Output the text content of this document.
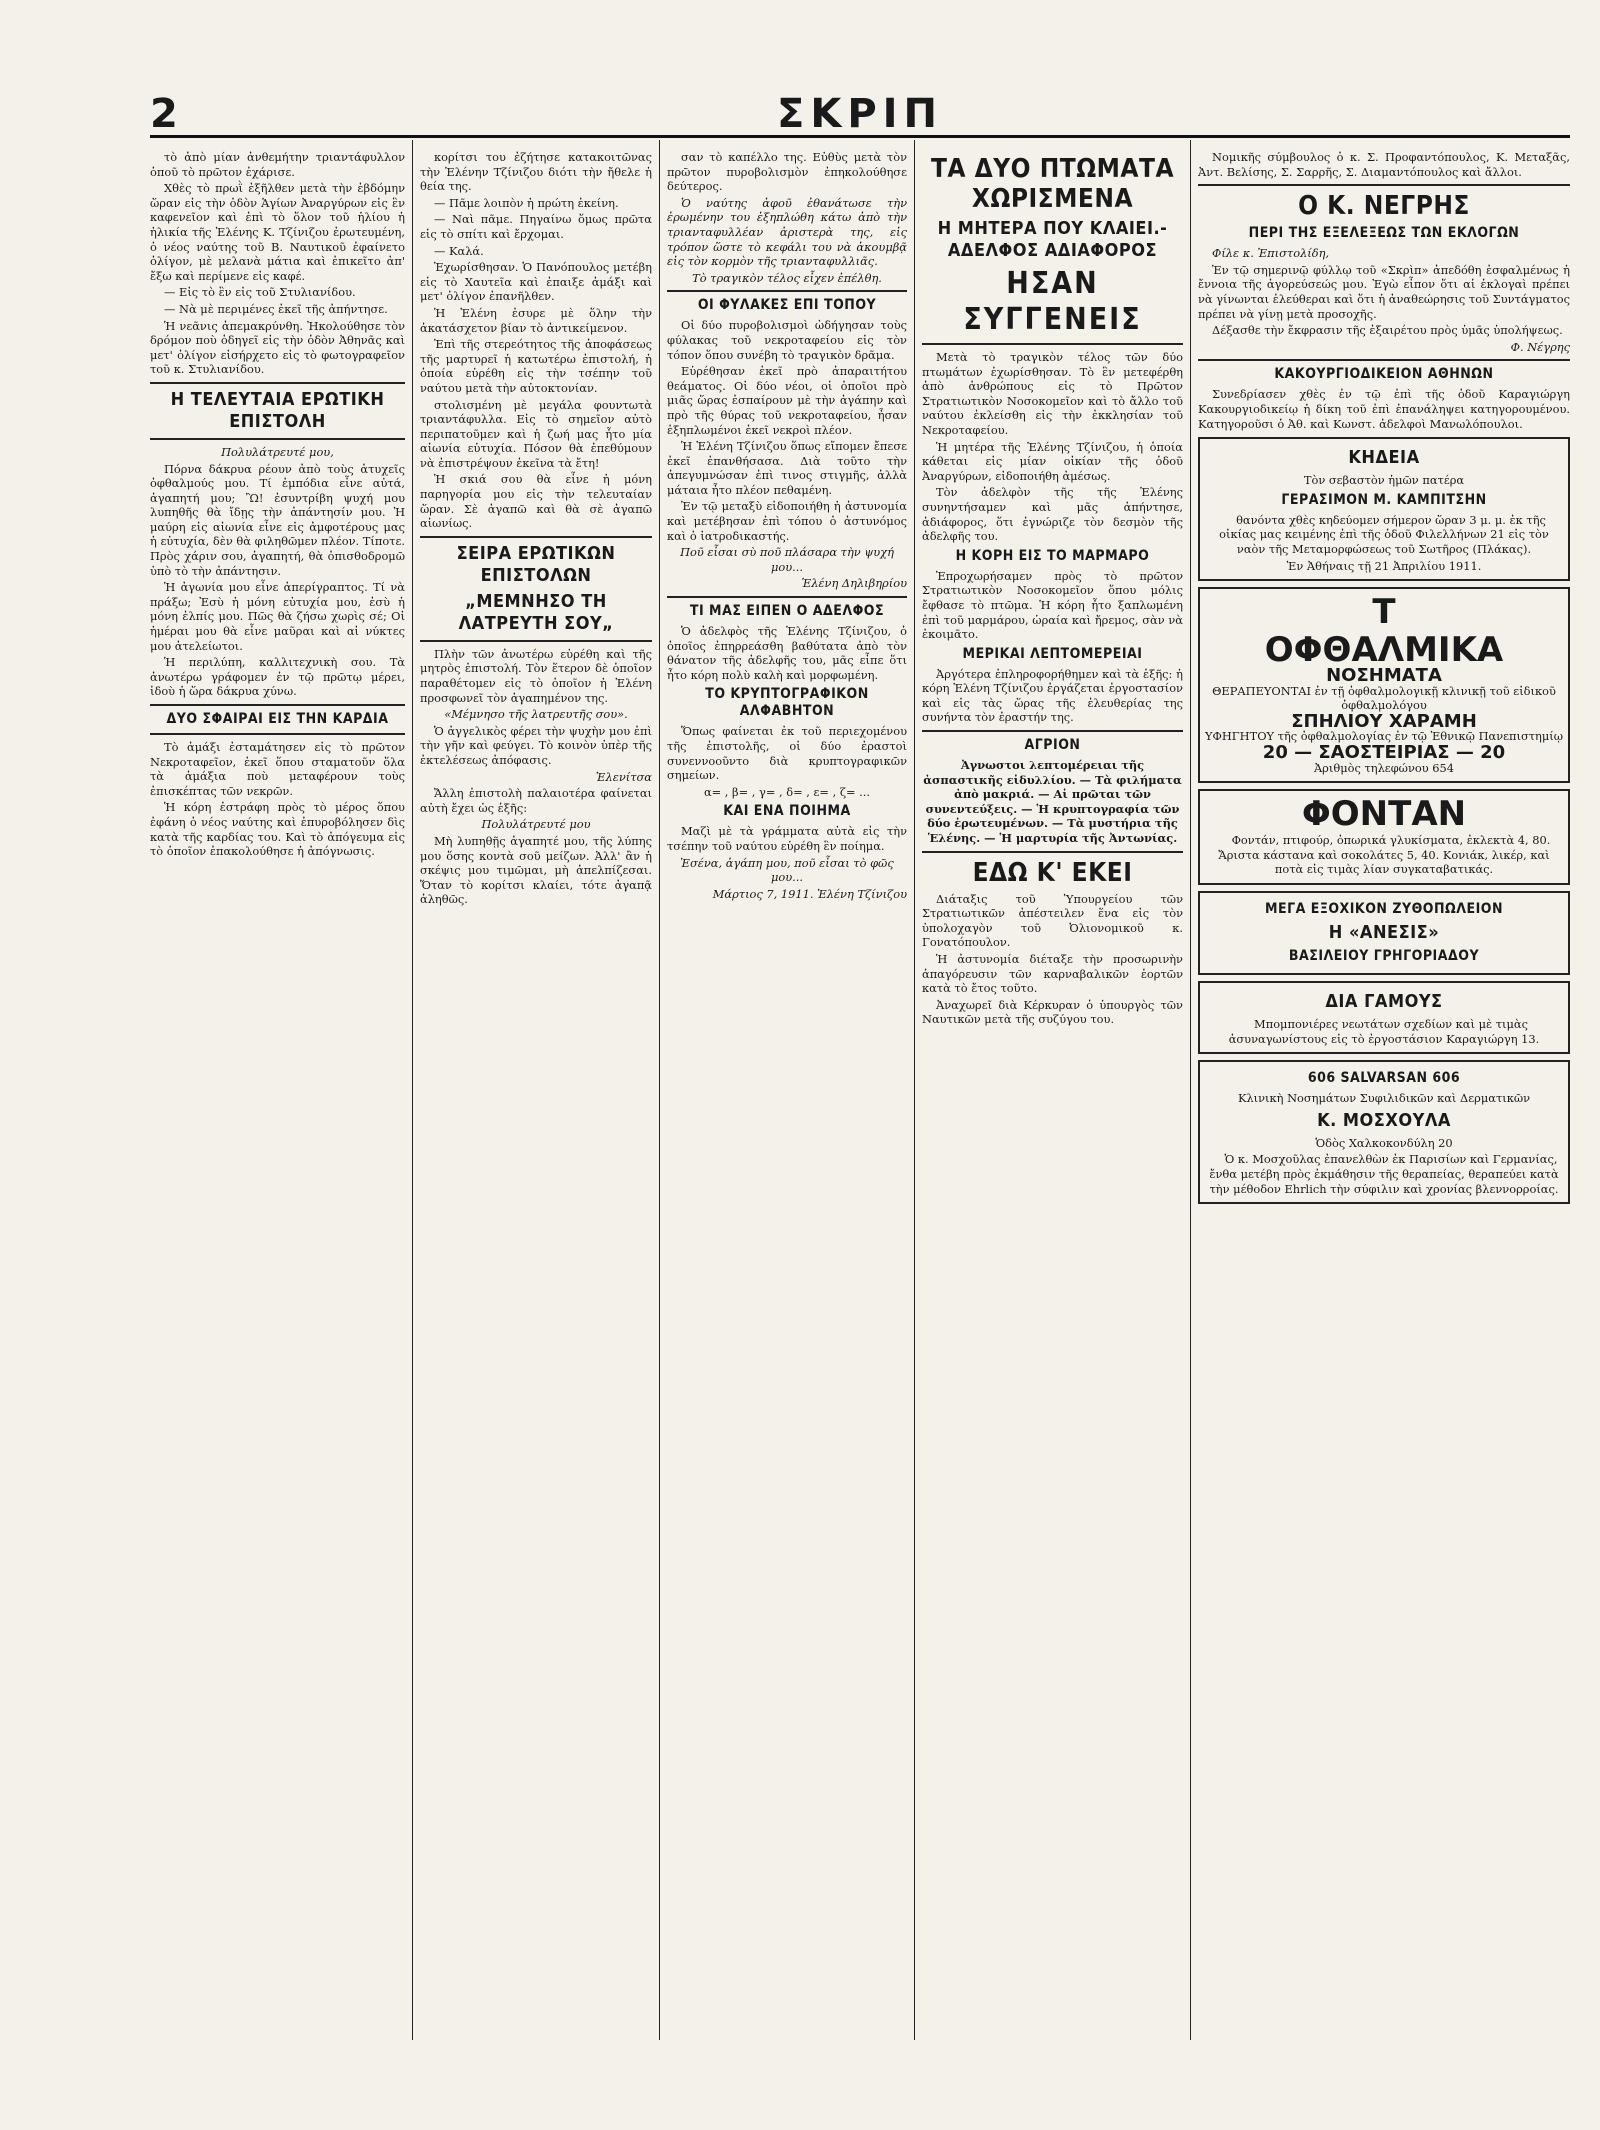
2	ΣΚΡΙΠ

τὸ ἀπὸ μίαν ἀνθεμήτην τριαντάφυλλον ὁποῦ τὸ πρῶτον ἐχάρισε.

Χθὲς τὸ πρωῒ ἐξῆλθεν μετὰ τὴν ἑβδόμην ὥραν εἰς τὴν ὁδὸν Ἁγίων Ἀναργύρων εἰς ἓν καφενεῖον καὶ ἐπὶ τὸ ὅλον τοῦ ἡλίου ἡ ἡλικία τῆς Ἑλένης Κ. Τζίνιζου ἐρωτευμένη, ὁ νέος ναύτης τοῦ Β. Ναυτικοῦ ἐφαίνετο ὀλίγον, μὲ μελανὰ μάτια καὶ ἐπικεῖτο ἀπ' ἔξω καὶ περίμενε εἰς καφέ.

— Εἰς τὸ ἓν εἰς τοῦ Στυλιανίδου.

— Νὰ μὲ περιμένες ἐκεῖ τῆς ἀπήντησε.

Ἡ νεᾶνις ἀπεμακρύνθη. Ἠκολούθησε τὸν δρόμον ποὺ ὁδηγεῖ εἰς τὴν ὁδὸν Ἀθηνᾶς καὶ μετ' ὀλίγον εἰσήρχετο εἰς τὸ φωτογραφεῖον τοῦ κ. Στυλιανίδου.

Η ΤΕΛΕΥΤΑΙΑ ΕΡΩΤΙΚΗ ΕΠΙΣΤΟΛΗ

Πολυλάτρευτέ μου,

Πόρνα δάκρυα ρέουν ἀπὸ τοὺς ἀτυχεῖς ὀφθαλμούς μου. Τί ἐμπόδια εἶνε αὐτά, ἀγαπητή μου; Ὢ! ἐσυντρίβη ψυχή μου λυπηθῆς θὰ ἴδῃς τὴν ἀπάντησίν μου. Ἡ μαύρη εἰς αἰωνία εἶνε εἰς ἀμφοτέρους μας ἡ εὐτυχία, δὲν θὰ φιληθῶμεν πλέον. Τίποτε. Πρὸς χάριν σου, ἀγαπητή, θὰ ὀπισθοδρομῶ ὑπὸ τὸ τὴν ἀπάντησιν.

Ἡ ἀγωνία μου εἶνε ἀπερίγραπτος. Τί νὰ πράξω; Ἐσὺ ἡ μόνη εὐτυχία μου, ἐσὺ ἡ μόνη ἐλπίς μου. Πῶς θὰ ζήσω χωρὶς σέ; Οἱ ἡμέραι μου θὰ εἶνε μαῦραι καὶ αἱ νύκτες μου ἀτελείωτοι.

Ἡ περιλύπη, καλλιτεχνικὴ σου. Τὰ ἀνωτέρω γράφομεν ἐν τῷ πρῶτῳ μέρει, ἰδοὺ ἡ ὥρα δάκρυα χύνω.

ΔΥΟ ΣΦΑΙΡΑΙ ΕΙΣ ΤΗΝ ΚΑΡΔΙΑ

Τὸ ἀμάξι ἐσταμάτησεν εἰς τὸ πρῶτον Νεκροταφεῖον, ἐκεῖ ὅπου σταματοῦν ὅλα τὰ ἀμάξια ποὺ μεταφέρουν τοὺς ἐπισκέπτας τῶν νεκρῶν.

Ἡ κόρη ἐστράφη πρὸς τὸ μέρος ὅπου ἐφάνη ὁ νέος ναύτης καὶ ἐπυροβόλησεν δὶς κατὰ τῆς καρδίας του. Καὶ τὸ ἀπόγευμα εἰς τὸ ὁποῖον ἐπακολούθησε ἡ ἀπόγνωσις.

κορίτσι του ἐζήτησε κατακοιτῶνας τὴν Ἑλένην Τζίνιζου διότι τὴν ἤθελε ἡ θεία της.

— Πᾶμε λοιπὸν ἡ πρώτη ἐκείνη.

— Ναὶ πᾶμε. Πηγαίνω ὅμως πρῶτα εἰς τὸ σπίτι καὶ ἔρχομαι.

— Καλά.

Ἐχωρίσθησαν. Ὁ Πανόπουλος μετέβη εἰς τὸ Χαυτεῖα καὶ ἐπαιξε ἀμάξι καὶ μετ' ὀλίγον ἐπανῆλθεν.

Ἡ Ἑλένη ἐσυρε μὲ ὅλην τὴν ἀκατάσχετον βίαν τὸ ἀντικείμενον.

Ἐπὶ τῆς στερεότητος τῆς ἀποφάσεως τῆς μαρτυρεῖ ἡ κατωτέρω ἐπιστολή, ἡ ὁποία εὑρέθη εἰς τὴν τσέπην τοῦ ναύτου μετὰ τὴν αὐτοκτονίαν.

στολισμένη μὲ μεγάλα φουντωτὰ τριαντάφυλλα. Εἰς τὸ σημεῖον αὐτὸ περιπατοῦμεν καὶ ἡ ζωή μας ἦτο μία αἰωνία εὐτυχία. Πόσον θὰ ἐπεθύμουν νὰ ἐπιστρέψουν ἐκεῖνα τὰ ἔτη!

Ἡ σκιά σου θὰ εἶνε ἡ μόνη παρηγορία μου εἰς τὴν τελευταίαν ὥραν. Σὲ ἀγαπῶ καὶ θὰ σὲ ἀγαπῶ αἰωνίως.

ΣΕΙΡΑ ΕΡΩΤΙΚΩΝ ΕΠΙΣΤΟΛΩΝ
„ΜΕΜΝΗΣΟ ΤΗ ΛΑΤΡΕΥΤΗ ΣΟΥ„

Πλὴν τῶν ἀνωτέρω εὑρέθη καὶ τῆς μητρὸς ἐπιστολή. Τὸν ἕτερον δὲ ὁποῖον παραθέτομεν εἰς τὸ ὁποῖον ἡ Ἑλένη προσφωνεῖ τὸν ἀγαπημένον της.

«Μέμνησο τῆς λατρευτῆς σου».

Ὁ ἀγγελικὸς φέρει τὴν ψυχὴν μου ἐπὶ τὴν γῆν καὶ φεύγει. Τὸ κοινὸν ὑπὲρ τῆς ἐκτελέσεως ἀπόφασις.

Ἑλενίτσα

Ἄλλη ἐπιστολὴ παλαιοτέρα φαίνεται αὐτὴ ἔχει ὡς ἑξῆς:

Πολυλάτρευτέ μου

Μὴ λυπηθῇς ἀγαπητέ μου, τῆς λύπης μου ὅσης κοντὰ σοῦ μείζων. Ἀλλ' ἂν ἡ σκέψις μου τιμῶμαι, μὴ ἀπελπίζεσαι. Ὅταν τὸ κορίτσι κλαίει, τότε ἀγαπᾷ ἀληθῶς.

σαν τὸ καπέλλο της. Εὐθὺς μετὰ τὸν πρῶτον πυροβολισμὸν ἐπηκολούθησε δεύτερος.

Ὁ ναύτης ἀφοῦ ἐθανάτωσε τὴν ἐρωμένην του ἐξηπλώθη κάτω ἀπὸ τὴν τριανταφυλλέαν ἀριστερὰ της, εἰς τρόπον ὥστε τὸ κεφάλι του νὰ ἀκουμβᾷ εἰς τὸν κορμὸν τῆς τριανταφυλλιᾶς.

Τὸ τραγικὸν τέλος εἶχεν ἐπέλθη.

ΟΙ ΦΥΛΑΚΕΣ ΕΠΙ ΤΟΠΟΥ

Οἱ δύο πυροβολισμοὶ ὡδήγησαν τοὺς φύλακας τοῦ νεκροταφείου εἰς τὸν τόπον ὅπου συνέβη τὸ τραγικὸν δρᾶμα.

Εὑρέθησαν ἐκεῖ πρὸ ἀπαραιτήτου θεάματος. Οἱ δύο νέοι, οἱ ὁποῖοι πρὸ μιᾶς ὥρας ἐσπαίρουν μὲ τὴν ἀγάπην καὶ πρὸ τῆς θύρας τοῦ νεκροταφείου, ἦσαν ἐξηπλωμένοι ἐκεῖ νεκροὶ πλέον.

Ἡ Ἑλένη Τζίνιζου ὅπως εἴπομεν ἔπεσε ἐκεῖ ἐπανθήσασα. Διὰ τοῦτο τὴν ἀπεγυμνώσαν ἐπὶ τινος στιγμῆς, ἀλλὰ μάταια ἦτο πλέον πεθαμένη.

Ἐν τῷ μεταξὺ εἰδοποιήθη ἡ ἀστυνομία καὶ μετέβησαν ἐπὶ τόπου ὁ ἀστυνόμος καὶ ὁ ἰατροδικαστής.

Ποῦ εἶσαι σὺ ποῦ πλάσαρα τὴν ψυχή μου...

Ἑλένη Δηλιβηρίου

ΤΙ ΜΑΣ ΕΙΠΕΝ Ο ΑΔΕΛΦΟΣ

Ὁ ἀδελφὸς τῆς Ἑλένης Τζίνιζου, ὁ ὁποῖος ἐπηρρεάσθη βαθύτατα ἀπὸ τὸν θάνατον τῆς ἀδελφῆς του, μᾶς εἶπε ὅτι ἦτο κόρη πολὺ καλὴ καὶ μορφωμένη.

ΤΟ ΚΡΥΠΤΟΓΡΑΦΙΚΟΝ ΑΛΦΑΒΗΤΟΝ

Ὅπως φαίνεται ἐκ τοῦ περιεχομένου τῆς ἐπιστολῆς, οἱ δύο ἐραστοὶ συνεννοοῦντο διὰ κρυπτογραφικῶν σημείων.

α= , β= , γ= , δ= , ε= , ζ= ...

ΚΑΙ ΕΝΑ ΠΟΙΗΜΑ

Μαζὶ μὲ τὰ γράμματα αὐτὰ εἰς τὴν τσέπην τοῦ ναύτου εὑρέθη ἓν ποίημα.

Ἐσένα, ἀγάπη μου, ποῦ εἶσαι τὸ φῶς μου...

Μάρτιος 7, 1911. Ἑλένη Τζίνιζου

ΤΑ ΔΥΟ ΠΤΩΜΑΤΑ ΧΩΡΙΣΜΕΝΑ
Η ΜΗΤΕΡΑ ΠΟΥ ΚΛΑΙΕΙ.-ΑΔΕΛΦΟΣ ΑΔΙΑΦΟΡΟΣ
ΗΣΑΝ ΣΥΓΓΕΝΕΙΣ

Μετὰ τὸ τραγικὸν τέλος τῶν δύο πτωμάτων ἐχωρίσθησαν. Τὸ ἓν μετεφέρθη ἀπὸ ἀνθρώπους εἰς τὸ Πρῶτον Στρατιωτικὸν Νοσοκομεῖον καὶ τὸ ἄλλο τοῦ ναύτου ἐκλείσθη εἰς τὴν ἐκκλησίαν τοῦ Νεκροταφείου.

Ἡ μητέρα τῆς Ἑλένης Τζίνιζου, ἡ ὁποία κάθεται εἰς μίαν οἰκίαν τῆς ὁδοῦ Ἀναργύρων, εἰδοποιήθη ἀμέσως.

Τὸν ἀδελφὸν τῆς τῆς Ἑλένης συνηντήσαμεν καὶ μᾶς ἀπήντησε, ἀδιάφορος, ὅτι ἐγνώριζε τὸν δεσμὸν τῆς ἀδελφῆς του.

Η ΚΟΡΗ ΕΙΣ ΤΟ ΜΑΡΜΑΡΟ

Ἐπροχωρήσαμεν πρὸς τὸ πρῶτον Στρατιωτικὸν Νοσοκομεῖον ὅπου μόλις ἔφθασε τὸ πτῶμα. Ἡ κόρη ἦτο ξαπλωμένη ἐπὶ τοῦ μαρμάρου, ὡραία καὶ ἤρεμος, σὰν νὰ ἐκοιμᾶτο.

ΜΕΡΙΚΑΙ ΛΕΠΤΟΜΕΡΕΙΑΙ

Ἀργότερα ἐπληροφορήθημεν καὶ τὰ ἑξῆς: ἡ κόρη Ἑλένη Τζίνιζου ἐργάζεται ἐργοστασίον καὶ εἰς τὰς ὥρας τῆς ἐλευθερίας της συνήντα τὸν ἐραστήν της.

ΑΓΡΙΟΝ

Ἀγνωστοι λεπτομέρειαι τῆς ἀσπαστικῆς εἰδυλλίου. — Τὰ φιλήματα ἀπὸ μακριά. — Αἱ πρῶται τῶν συνεντεύξεις. — Ἡ κρυπτογραφία τῶν δύο ἐρωτευμένων. — Τὰ μυστήρια τῆς Ἑλένης. — Ἡ μαρτυρία τῆς Ἀντωνίας.

ΕΔΩ Κ' ΕΚΕΙ

Διάταξις τοῦ Ὑπουργείου τῶν Στρατιωτικῶν ἀπέστειλεν ἕνα εἰς τὸν ὑπολοχαγὸν τοῦ Ὀλιονομικοῦ κ. Γονατόπουλον.

Ἡ ἀστυνομία διέταξε τὴν προσωρινὴν ἀπαγόρευσιν τῶν καρναβαλικῶν ἑορτῶν κατὰ τὸ ἔτος τοῦτο.

Ἀναχωρεῖ διὰ Κέρκυραν ὁ ὑπουργὸς τῶν Ναυτικῶν μετὰ τῆς συζύγου του.

Νομικῆς σύμβουλος ὁ κ. Σ. Προφαντόπουλος, Κ. Μεταξᾶς, Ἀντ. Βελίσης, Σ. Σαρρῆς, Σ. Διαμαντόπουλος καὶ ἄλλοι.

Ο Κ. ΝΕΓΡΗΣ
ΠΕΡΙ ΤΗΣ ΕΞΕΛΕΞΕΩΣ ΤΩΝ ΕΚΛΟΓΩΝ

Φίλε κ. Ἐπιστολίδη,

Ἐν τῷ σημερινῷ φύλλῳ τοῦ «Σκρὶπ» ἀπεδόθη ἐσφαλμένως ἡ ἔννοια τῆς ἀγορεύσεώς μου. Ἐγὼ εἶπον ὅτι αἱ ἐκλογαὶ πρέπει νὰ γίνωνται ἐλεύθεραι καὶ ὅτι ἡ ἀναθεώρησις τοῦ Συντάγματος πρέπει νὰ γίνῃ μετὰ προσοχῆς.

Δέξασθε τὴν ἔκφρασιν τῆς ἐξαιρέτου πρὸς ὑμᾶς ὑπολήψεως.

Φ. Νέγρης

ΚΑΚΟΥΡΓΙΟΔΙΚΕΙΟΝ ΑΘΗΝΩΝ

Συνεδρίασεν χθὲς ἐν τῷ ἐπὶ τῆς ὁδοῦ Καραγιώργη Κακουργιοδικείῳ ἡ δίκη τοῦ ἐπὶ ἐπανάληψει κατηγορουμένου. Κατηγοροῦσι ὁ Ἀθ. καὶ Κωνστ. ἀδελφοὶ Μανωλόπουλοι.

ΚΗΔΕΙΑ

Τὸν σεβαστὸν ἡμῶν πατέρα

ΓΕΡΑΣΙΜΟΝ Μ. ΚΑΜΠΙΤΣΗΝ

θανόντα χθὲς κηδεύομεν σήμερον ὥραν 3 μ. μ. ἐκ τῆς οἰκίας μας κειμένης ἐπὶ τῆς ὁδοῦ Φιλελλήνων 21 εἰς τὸν ναὸν τῆς Μεταμορφώσεως τοῦ Σωτῆρος (Πλάκας).

Ἐν Ἀθήναις τῇ 21 Ἀπριλίου 1911.

Τ
ΟΦΘΑΛΜΙΚΑ
ΝΟΣΗΜΑΤΑ

ΘΕΡΑΠΕΥΟΝΤΑΙ ἐν τῇ ὀφθαλμολογικῇ κλινικῇ τοῦ εἰδικοῦ ὀφθαλμολόγου

ΣΠΗΛΙΟΥ ΧΑΡΑΜΗ

ΥΦΗΓΗΤΟΥ τῆς ὀφθαλμολογίας ἐν τῷ Ἐθνικῷ Πανεπιστημίῳ

20 — ΣΑΟΣΤΕΙΡΙΑΣ — 20

Ἀριθμὸς τηλεφώνου 654

ΦΟΝΤΑΝ

Φοντάν, πτιφούρ, ὀπωρικά γλυκίσματα, ἐκλεκτὰ 4, 80. Ἄριστα κάστανα καὶ σοκολάτες 5, 40. Κονιάκ, λικέρ, καὶ ποτὰ εἰς τιμὰς λίαν συγκαταβατικάς.

ΜΕΓΑ ΕΞΟΧΙΚΟΝ ΖΥΘΟΠΩΛΕΙΟΝ
Η «ΑΝΕΣΙΣ»
ΒΑΣΙΛΕΙΟΥ ΓΡΗΓΟΡΙΑΔΟΥ
ΔΙΑ ΓΑΜΟΥΣ

Μπομπονιέρες νεωτάτων σχεδίων καὶ μὲ τιμὰς ἀσυναγωνίστους εἰς τὸ ἐργοστάσιον Καραγιώργη 13.

606 SALVARSAN 606

Κλινικὴ Νοσημάτων Συφιλιδικῶν καὶ Δερματικῶν

Κ. ΜΟΣΧΟΥΛΑ

Ὁδὸς Χαλκοκονδύλη 20

Ὁ κ. Μοσχοῦλας ἐπανελθὼν ἐκ Παρισίων καὶ Γερμανίας, ἔνθα μετέβη πρὸς ἐκμάθησιν τῆς θεραπείας, θεραπεύει κατὰ τὴν μέθοδον Ehrlich τὴν σύφιλιν καὶ χρονίας βλεννορροίας.
